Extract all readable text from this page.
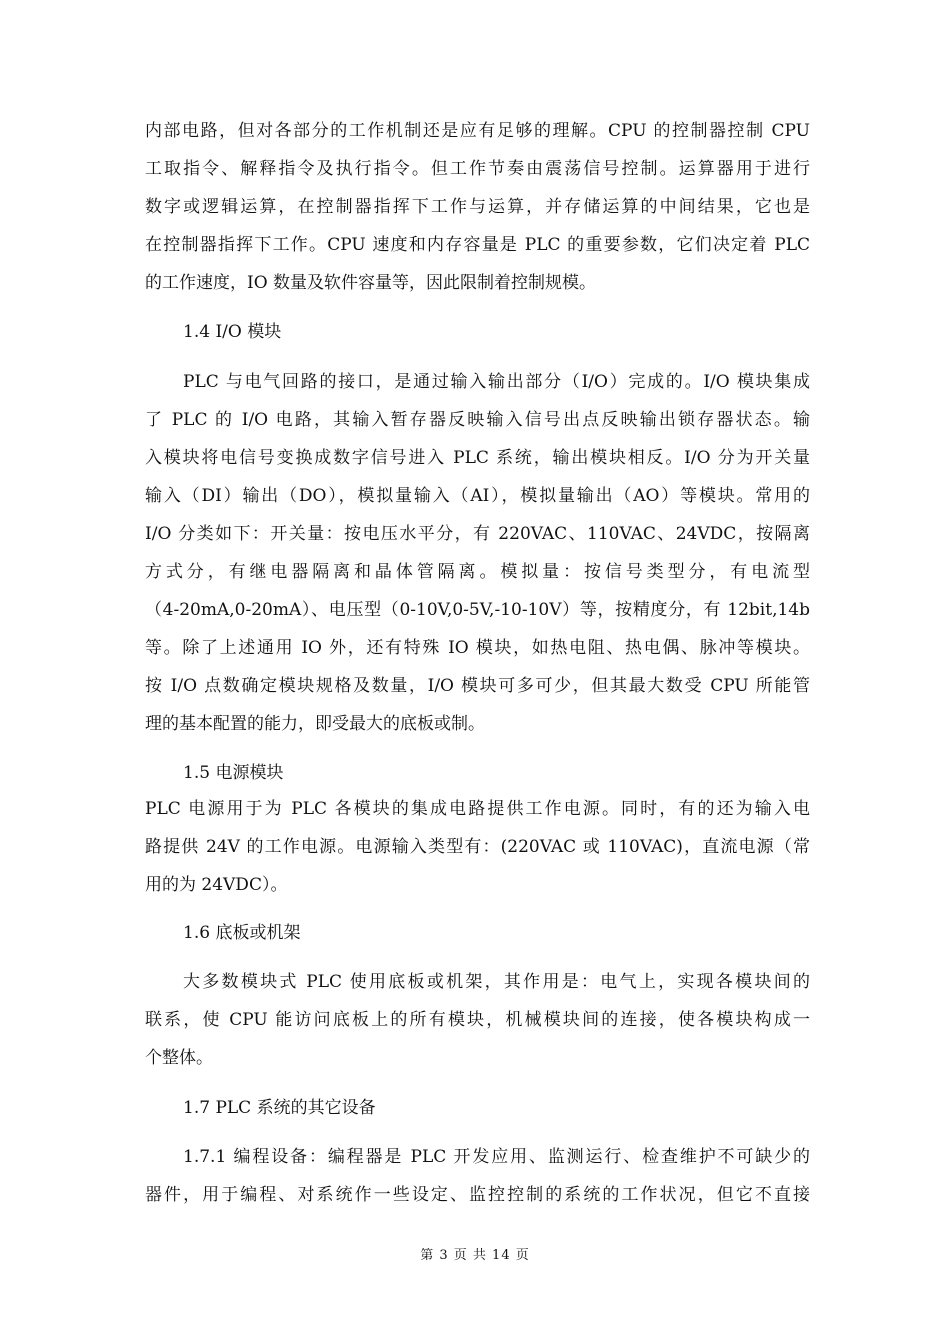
内部电路，但对各部分的工作机制还是应有足够的理解。CPU 的控制器控制 CPU
工取指令、解释指令及执行指令。但工作节奏由震荡信号控制。运算器用于进行
数字或逻辑运算，在控制器指挥下工作与运算，并存储运算的中间结果，它也是
在控制器指挥下工作。CPU 速度和内存容量是 PLC 的重要参数，它们决定着 PLC
的工作速度，IO 数量及软件容量等，因此限制着控制规模。
1.4 I/O 模块
PLC 与电气回路的接口，是通过输入输出部分（I/O）完成的。I/O 模块集成
了 PLC 的 I/O 电路，其输入暂存器反映输入信号出点反映输出锁存器状态。输
入模块将电信号变换成数字信号进入 PLC 系统，输出模块相反。I/O 分为开关量
输入（DI）输出（DO），模拟量输入（AI），模拟量输出（AO）等模块。常用的
I/O 分类如下：开关量：按电压水平分，有 220VAC、110VAC、24VDC，按隔离
方式分，有继电器隔离和晶体管隔离。模拟量：按信号类型分，有电流型
（4-20mA,0-20mA）、电压型（0-10V,0-5V,-10-10V）等，按精度分，有 12bit,14b
等。除了上述通用 IO 外，还有特殊 IO 模块，如热电阻、热电偶、脉冲等模块。
按 I/O 点数确定模块规格及数量，I/O 模块可多可少，但其最大数受 CPU 所能管
理的基本配置的能力，即受最大的底板或制。
1.5 电源模块
PLC 电源用于为 PLC 各模块的集成电路提供工作电源。同时，有的还为输入电
路提供 24V 的工作电源。电源输入类型有：(220VAC 或 110VAC)，直流电源（常
用的为 24VDC）。
1.6 底板或机架
大多数模块式 PLC 使用底板或机架，其作用是：电气上，实现各模块间的
联系，使 CPU 能访问底板上的所有模块，机械模块间的连接，使各模块构成一
个整体。
1.7 PLC 系统的其它设备
1.7.1 编程设备：编程器是 PLC 开发应用、监测运行、检查维护不可缺少的
器件，用于编程、对系统作一些设定、监控控制的系统的工作状况，但它不直接
第 3 页 共 14 页
